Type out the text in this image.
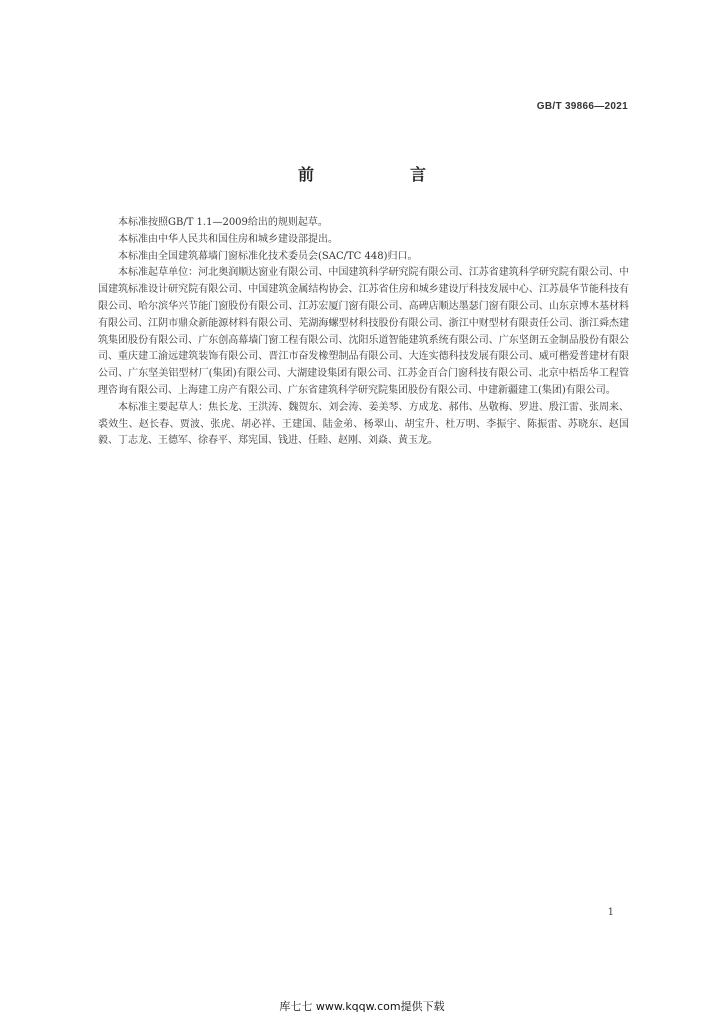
GB/T 39866—2021
前　言

本标准按照GB/T 1.1—2009给出的规则起草。

本标准由中华人民共和国住房和城乡建设部提出。

本标准由全国建筑幕墙门窗标准化技术委员会(SAC/TC 448)归口。

本标准起草单位：河北奥润顺达窗业有限公司、中国建筑科学研究院有限公司、江苏省建筑科学研究院有限公司、中国建筑标准设计研究院有限公司、中国建筑金属结构协会、江苏省住房和城乡建设厅科技发展中心、江苏晨华节能科技有限公司、哈尔滨华兴节能门窗股份有限公司、江苏宏厦门窗有限公司、高碑店顺达墨瑟门窗有限公司、山东京博木基材料有限公司、江阴市鼎众新能源材料有限公司、芜湖海螺型材科技股份有限公司、浙江中财型材有限责任公司、浙江舜杰建筑集团股份有限公司、广东创高幕墙门窗工程有限公司、沈阳乐道智能建筑系统有限公司、广东坚朗五金制品股份有限公司、重庆建工渝远建筑装饰有限公司、晋江市奋发橡塑制品有限公司、大连实德科技发展有限公司、威可楷爱普建材有限公司、广东坚美铝型材厂(集团)有限公司、大湖建设集团有限公司、江苏金百合门窗科技有限公司、北京中梧岳华工程管理咨询有限公司、上海建工房产有限公司、广东省建筑科学研究院集团股份有限公司、中建新疆建工(集团)有限公司。

本标准主要起草人：焦长龙、王洪涛、魏贺东、刘会涛、姜美琴、方成龙、郝伟、丛敬梅、罗进、殷江雷、张周来、裘效生、赵长春、贾波、张虎、胡必祥、王建国、陆金弟、杨翠山、胡宝升、杜万明、李振宇、陈振雷、苏晓东、赵国毅、丁志龙、王德军、徐春平、郑宪国、钱进、任睦、赵刚、刘焱、黄玉龙。

1
库七七 www.kqqw.com提供下载
